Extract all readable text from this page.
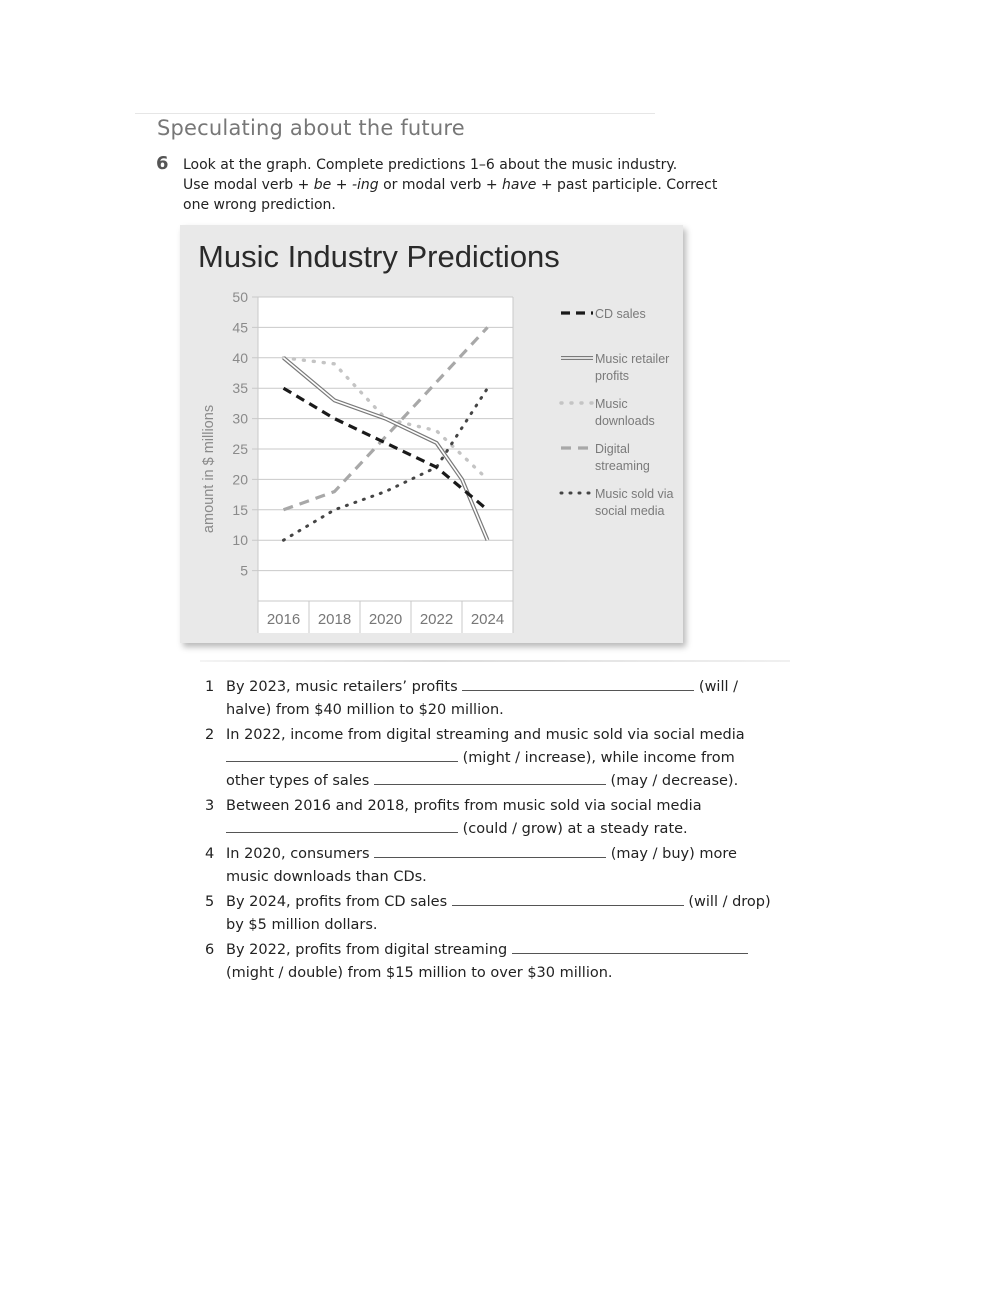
Speculating about the future
6 Look at the graph. Complete predictions 1–6 about the music industry.
Use modal verb + be + -ing or modal verb + have + past participle. Correct
one wrong prediction.
Music Industry Predictions
5
10
15
20
25
30
35
40
45
50
2016 2018 2020 2022 2024
amount in $ millions
CD sales
Music retailer
profits
Music
downloads
Digital
streaming
Music sold via
social media
1 By 2023, music retailers’ profits	(will /
halve) from $40 million to $20 million.
2 In 2022, income from digital streaming and music sold via social media
(might / increase), while income from
other types of sales	(may / decrease).
3 Between 2016 and 2018, profits from music sold via social media
(could / grow) at a steady rate.
4 In 2020, consumers	(may / buy) more
music downloads than CDs.
5 By 2024, profits from CD sales	(will / drop)
by $5 million dollars.
6 By 2022, profits from digital streaming
(might / double) from $15 million to over $30 million.
